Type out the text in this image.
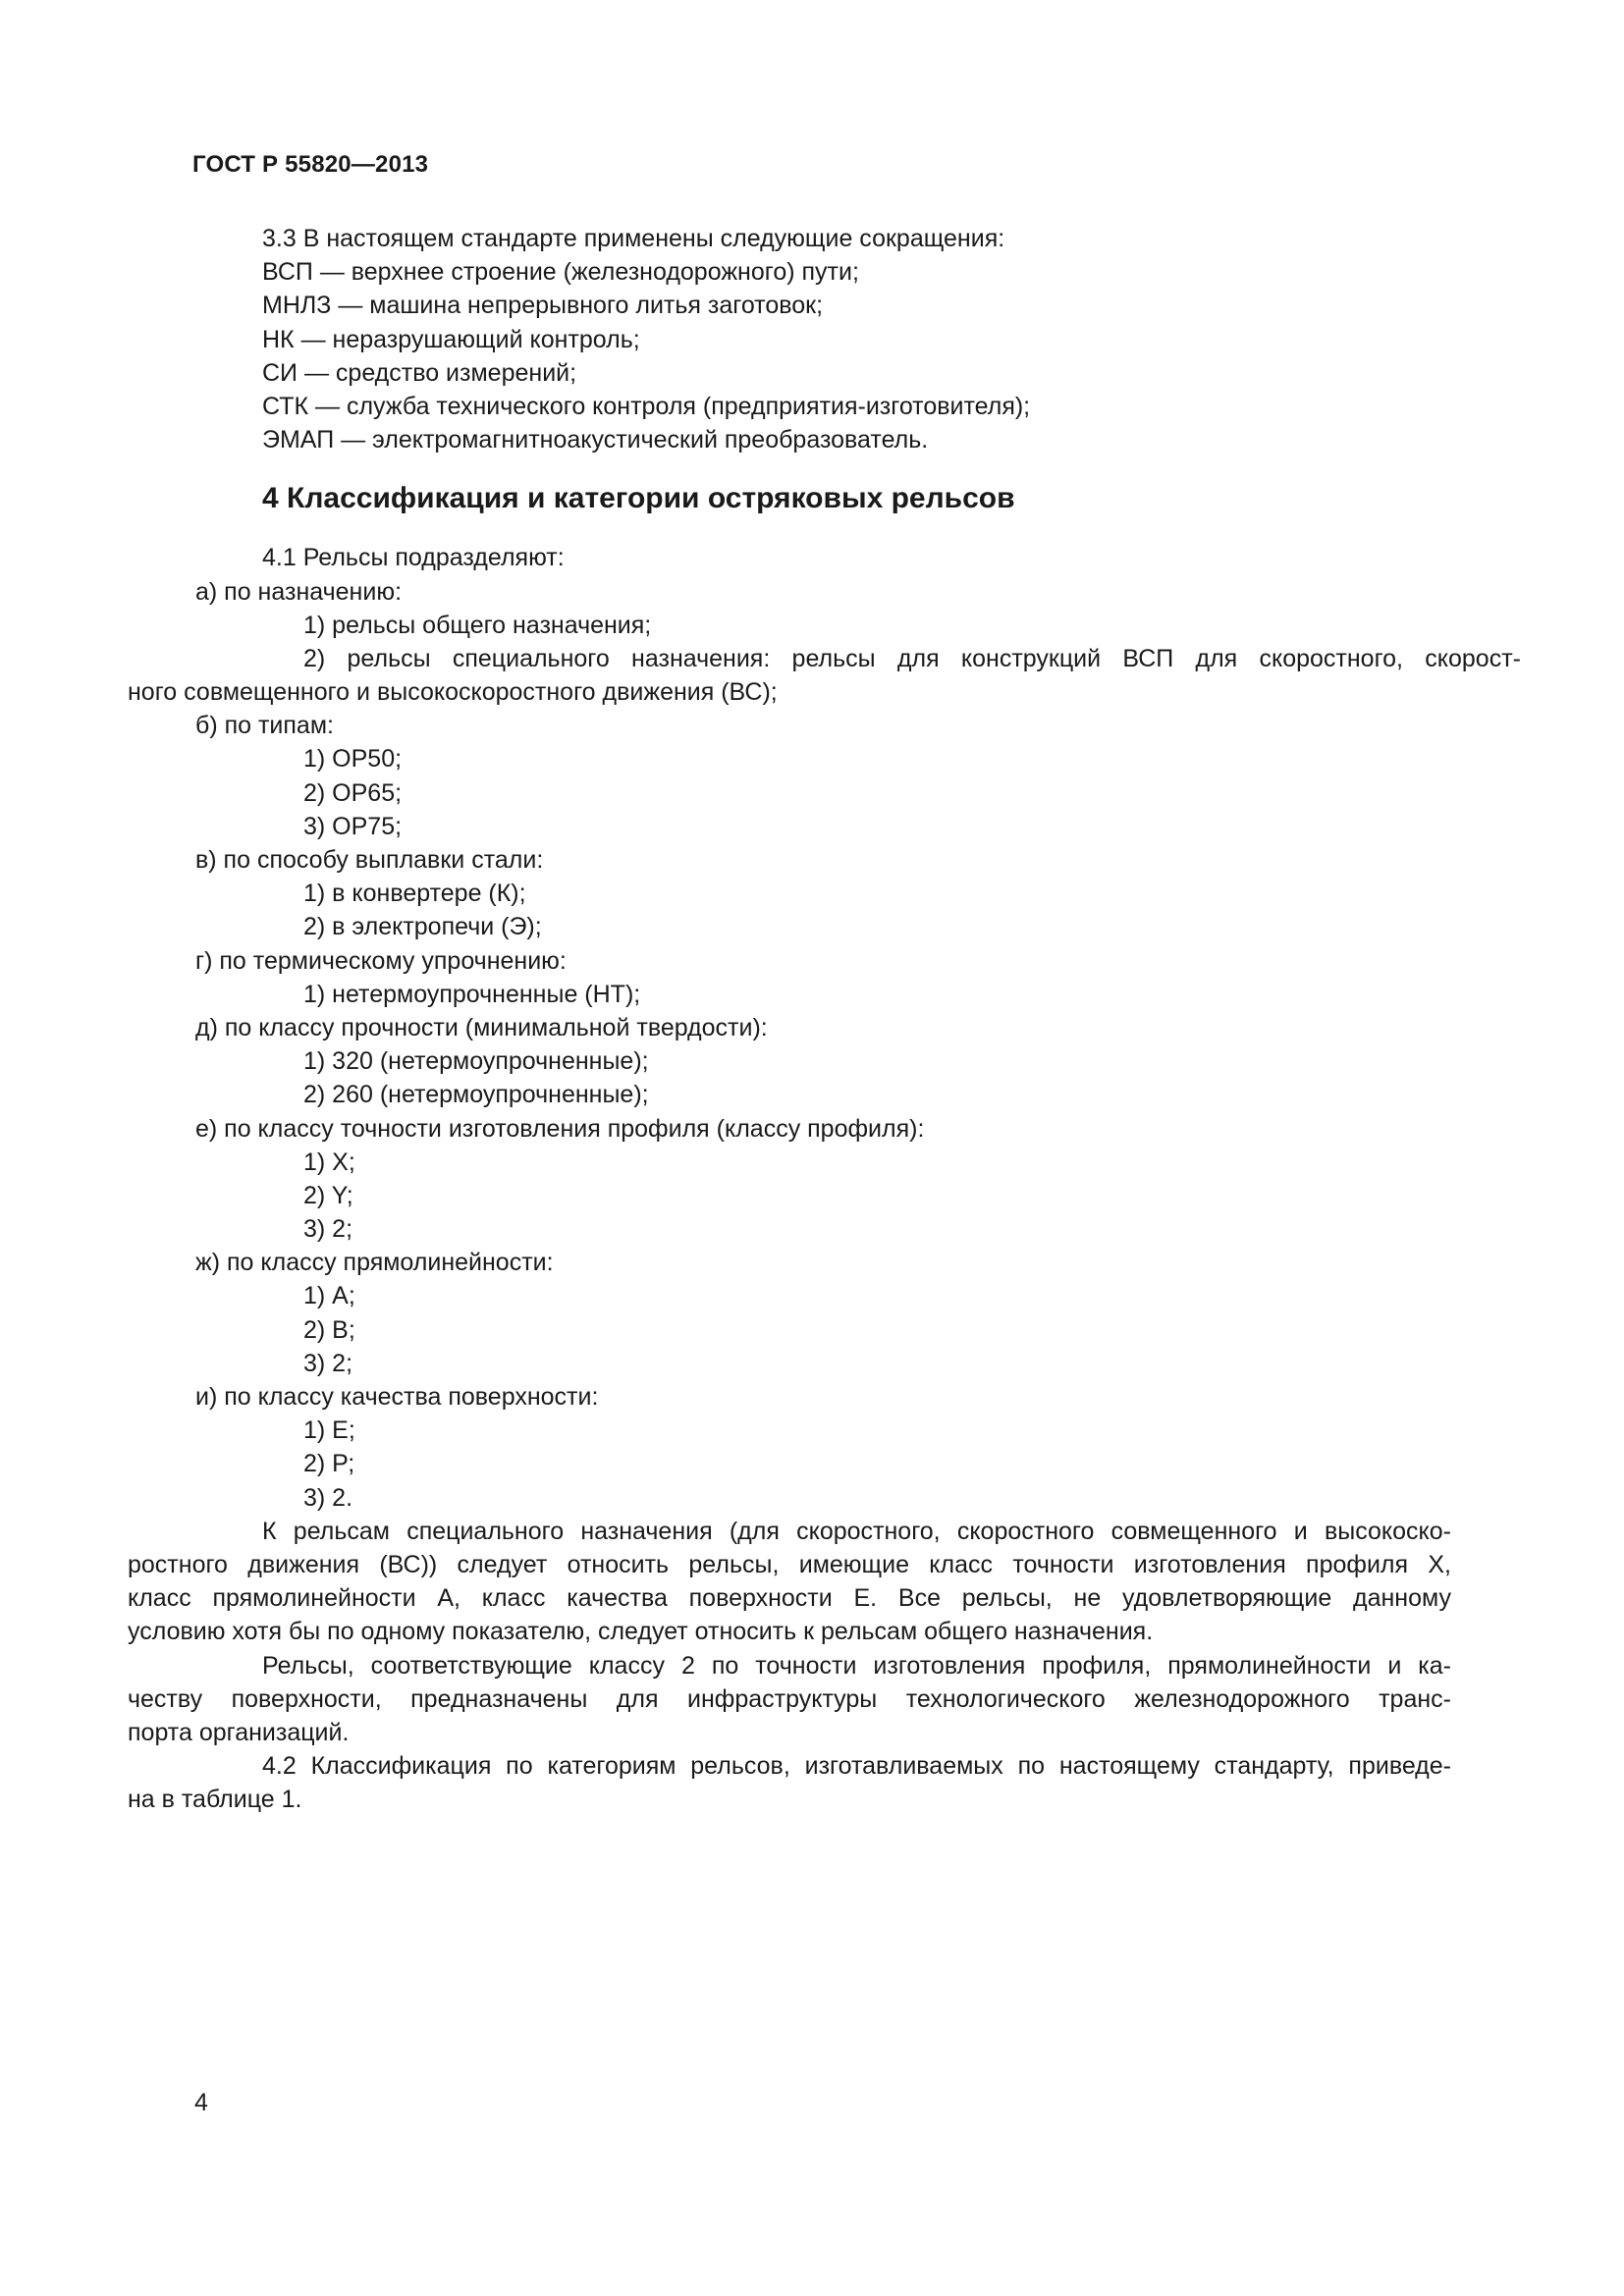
ГОСТ Р 55820—2013
3.3 В настоящем стандарте применены следующие сокращения:
ВСП — верхнее строение (железнодорожного) пути;
МНЛЗ — машина непрерывного литья заготовок;
НК — неразрушающий контроль;
СИ — средство измерений;
СТК — служба технического контроля (предприятия-изготовителя);
ЭМАП — электромагнитноакустический преобразователь.
4 Классификация и категории остряковых рельсов
4.1 Рельсы подразделяют:
а) по назначению:
1) рельсы общего назначения;
2) рельсы специального назначения: рельсы для конструкций ВСП для скоростного, скорост-
ного совмещенного и высокоскоростного движения (ВС);
б) по типам:
1) ОР50;
2) ОР65;
3) ОР75;
в) по способу выплавки стали:
1) в конвертере (К);
2) в электропечи (Э);
г) по термическому упрочнению:
1) нетермоупрочненные (НТ);
д) по классу прочности (минимальной твердости):
1) 320 (нетермоупрочненные);
2) 260 (нетермоупрочненные);
е) по классу точности изготовления профиля (классу профиля):
1) X;
2) Y;
3) 2;
ж) по классу прямолинейности:
1) А;
2) В;
3) 2;
и) по классу качества поверхности:
1) Е;
2) Р;
3) 2.
К рельсам специального назначения (для скоростного, скоростного совмещенного и высокоско-
ростного движения (ВС)) следует относить рельсы, имеющие класс точности изготовления профиля Х,
класс прямолинейности А, класс качества поверхности Е. Все рельсы, не удовлетворяющие данному
условию хотя бы по одному показателю, следует относить к рельсам общего назначения.
Рельсы, соответствующие классу 2 по точности изготовления профиля, прямолинейности и ка-
честву поверхности, предназначены для инфраструктуры технологического железнодорожного транс-
порта организаций.
4.2 Классификация по категориям рельсов, изготавливаемых по настоящему стандарту, приведе-
на в таблице 1.
4
